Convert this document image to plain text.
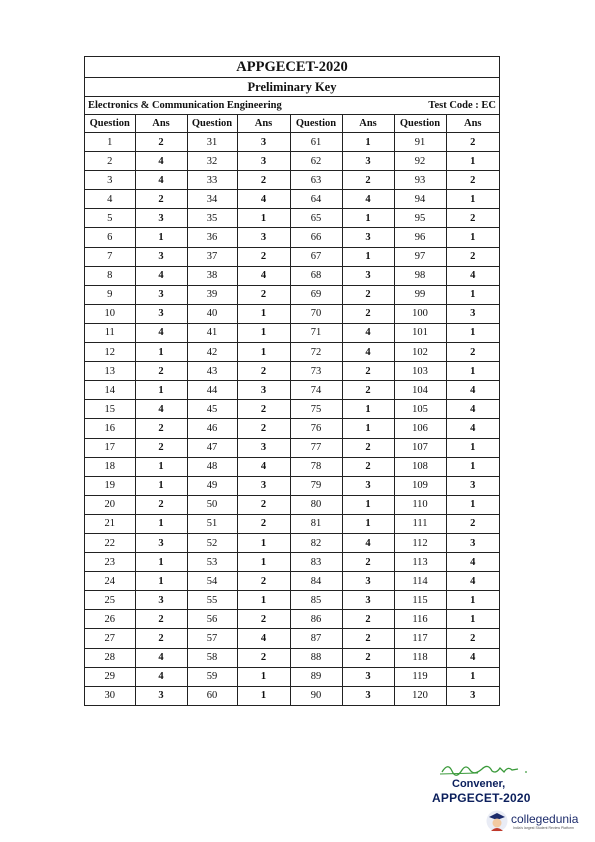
APPGECET-2020
Preliminary Key
Electronics & Communication Engineering	Test Code : EC
Question	Ans	Question	Ans	Question	Ans	Question	Ans
1	2	31	3	61	1	91	2
2	4	32	3	62	3	92	1
3	4	33	2	63	2	93	2
4	2	34	4	64	4	94	1
5	3	35	1	65	1	95	2
6	1	36	3	66	3	96	1
7	3	37	2	67	1	97	2
8	4	38	4	68	3	98	4
9	3	39	2	69	2	99	1
10	3	40	1	70	2	100	3
11	4	41	1	71	4	101	1
12	1	42	1	72	4	102	2
13	2	43	2	73	2	103	1
14	1	44	3	74	2	104	4
15	4	45	2	75	1	105	4
16	2	46	2	76	1	106	4
17	2	47	3	77	2	107	1
18	1	48	4	78	2	108	1
19	1	49	3	79	3	109	3
20	2	50	2	80	1	110	1
21	1	51	2	81	1	111	2
22	3	52	1	82	4	112	3
23	1	53	1	83	2	113	4
24	1	54	2	84	3	114	4
25	3	55	1	85	3	115	1
26	2	56	2	86	2	116	1
27	2	57	4	87	2	117	2
28	4	58	2	88	2	118	4
29	4	59	1	89	3	119	1
30	3	60	1	90	3	120	3
Convener,
APPGECET-2020
collegedunia
India's largest Student Review Platform
